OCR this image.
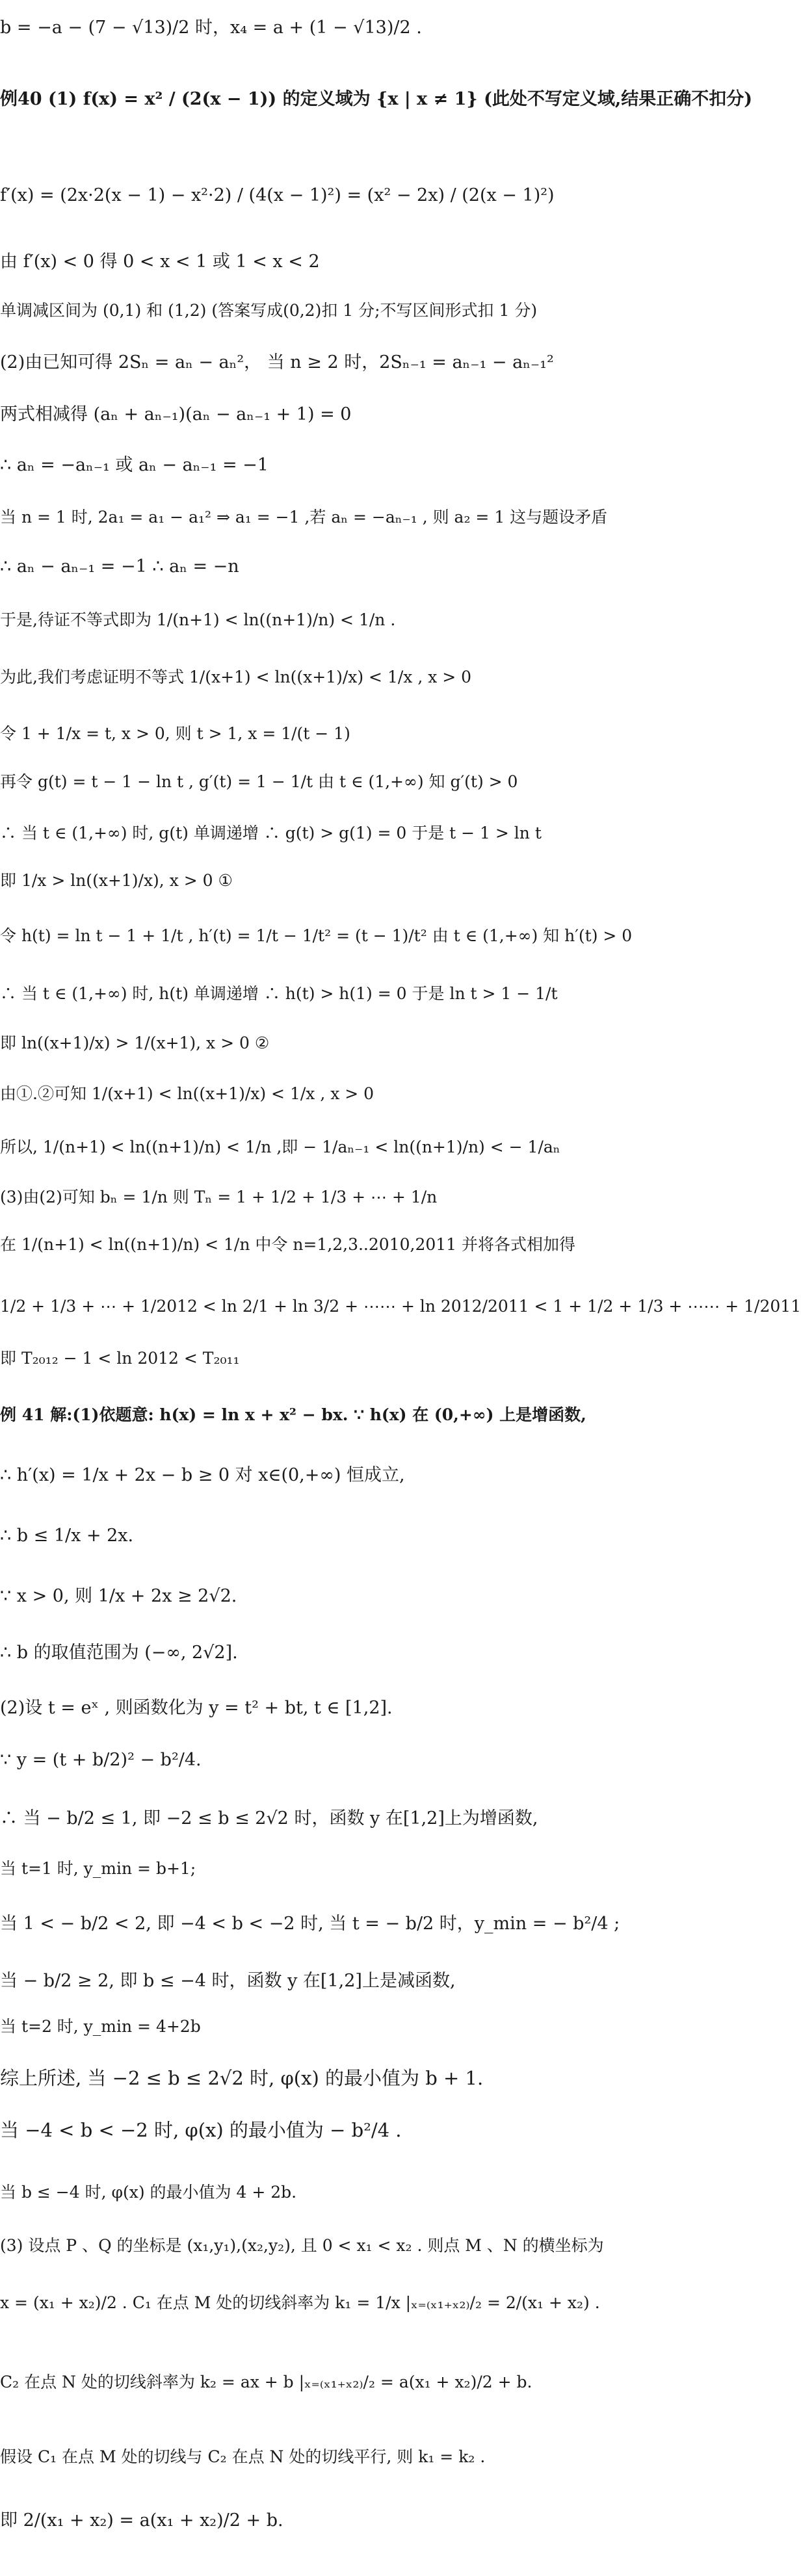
b = −a − (7 − √13)/2 时，x₄ = a + (1 − √13)/2 .
例40 (1) f(x) = x² / (2(x − 1)) 的定义域为 {x | x ≠ 1} (此处不写定义域,结果正确不扣分)
f′(x) = (2x·2(x − 1) − x²·2) / (4(x − 1)²) = (x² − 2x) / (2(x − 1)²)
由 f′(x) < 0 得 0 < x < 1 或 1 < x < 2
单调减区间为 (0,1) 和 (1,2) (答案写成(0,2)扣 1 分;不写区间形式扣 1 分)
(2)由已知可得 2Sₙ = aₙ − aₙ²， 当 n ≥ 2 时，2Sₙ₋₁ = aₙ₋₁ − aₙ₋₁²
两式相减得 (aₙ + aₙ₋₁)(aₙ − aₙ₋₁ + 1) = 0
∴ aₙ = −aₙ₋₁ 或 aₙ − aₙ₋₁ = −1
当 n = 1 时, 2a₁ = a₁ − a₁² ⇒ a₁ = −1 ,若 aₙ = −aₙ₋₁ , 则 a₂ = 1 这与题设矛盾
∴ aₙ − aₙ₋₁ = −1 ∴ aₙ = −n
于是,待证不等式即为 1/(n+1) < ln((n+1)/n) < 1/n .
为此,我们考虑证明不等式 1/(x+1) < ln((x+1)/x) < 1/x , x > 0
令 1 + 1/x = t, x > 0, 则 t > 1, x = 1/(t − 1)
再令 g(t) = t − 1 − ln t , g′(t) = 1 − 1/t 由 t ∈ (1,+∞) 知 g′(t) > 0
∴ 当 t ∈ (1,+∞) 时, g(t) 单调递增 ∴ g(t) > g(1) = 0 于是 t − 1 > ln t
即 1/x > ln((x+1)/x), x > 0 ①
令 h(t) = ln t − 1 + 1/t , h′(t) = 1/t − 1/t² = (t − 1)/t² 由 t ∈ (1,+∞) 知 h′(t) > 0
∴ 当 t ∈ (1,+∞) 时, h(t) 单调递增 ∴ h(t) > h(1) = 0 于是 ln t > 1 − 1/t
即 ln((x+1)/x) > 1/(x+1), x > 0 ②
由①.②可知 1/(x+1) < ln((x+1)/x) < 1/x , x > 0
所以, 1/(n+1) < ln((n+1)/n) < 1/n ,即 − 1/aₙ₋₁ < ln((n+1)/n) < − 1/aₙ
(3)由(2)可知 bₙ = 1/n 则 Tₙ = 1 + 1/2 + 1/3 + ⋯ + 1/n
在 1/(n+1) < ln((n+1)/n) < 1/n 中令 n=1,2,3..2010,2011 并将各式相加得
1/2 + 1/3 + ⋯ + 1/2012 < ln 2/1 + ln 3/2 + ⋯⋯ + ln 2012/2011 < 1 + 1/2 + 1/3 + ⋯⋯ + 1/2011
即 T₂₀₁₂ − 1 < ln 2012 < T₂₀₁₁
例 41 解:(1)依题意: h(x) = ln x + x² − bx. ∵ h(x) 在 (0,+∞) 上是增函数,
∴ h′(x) = 1/x + 2x − b ≥ 0 对 x∈(0,+∞) 恒成立,
∴ b ≤ 1/x + 2x.
∵ x > 0, 则 1/x + 2x ≥ 2√2.
∴ b 的取值范围为 (−∞, 2√2].
(2)设 t = eˣ , 则函数化为 y = t² + bt, t ∈ [1,2].
∵ y = (t + b/2)² − b²/4.
∴ 当 − b/2 ≤ 1, 即 −2 ≤ b ≤ 2√2 时，函数 y 在[1,2]上为增函数,
当 t=1 时, y_min = b+1;
当 1 < − b/2 < 2, 即 −4 < b < −2 时, 当 t = − b/2 时，y_min = − b²/4 ;
当 − b/2 ≥ 2, 即 b ≤ −4 时，函数 y 在[1,2]上是减函数,
当 t=2 时, y_min = 4+2b
综上所述, 当 −2 ≤ b ≤ 2√2 时, φ(x) 的最小值为 b + 1.
当 −4 < b < −2 时, φ(x) 的最小值为 − b²/4 .
当 b ≤ −4 时, φ(x) 的最小值为 4 + 2b.
(3) 设点 P 、Q 的坐标是 (x₁,y₁),(x₂,y₂), 且 0 < x₁ < x₂ . 则点 M 、N 的横坐标为
x = (x₁ + x₂)/2 . C₁ 在点 M 处的切线斜率为 k₁ = 1/x |ₓ₌₍ₓ₁₊ₓ₂₎/₂ = 2/(x₁ + x₂) .
C₂ 在点 N 处的切线斜率为 k₂ = ax + b |ₓ₌₍ₓ₁₊ₓ₂₎/₂ = a(x₁ + x₂)/2 + b.
假设 C₁ 在点 M 处的切线与 C₂ 在点 N 处的切线平行, 则 k₁ = k₂ .
即 2/(x₁ + x₂) = a(x₁ + x₂)/2 + b.
